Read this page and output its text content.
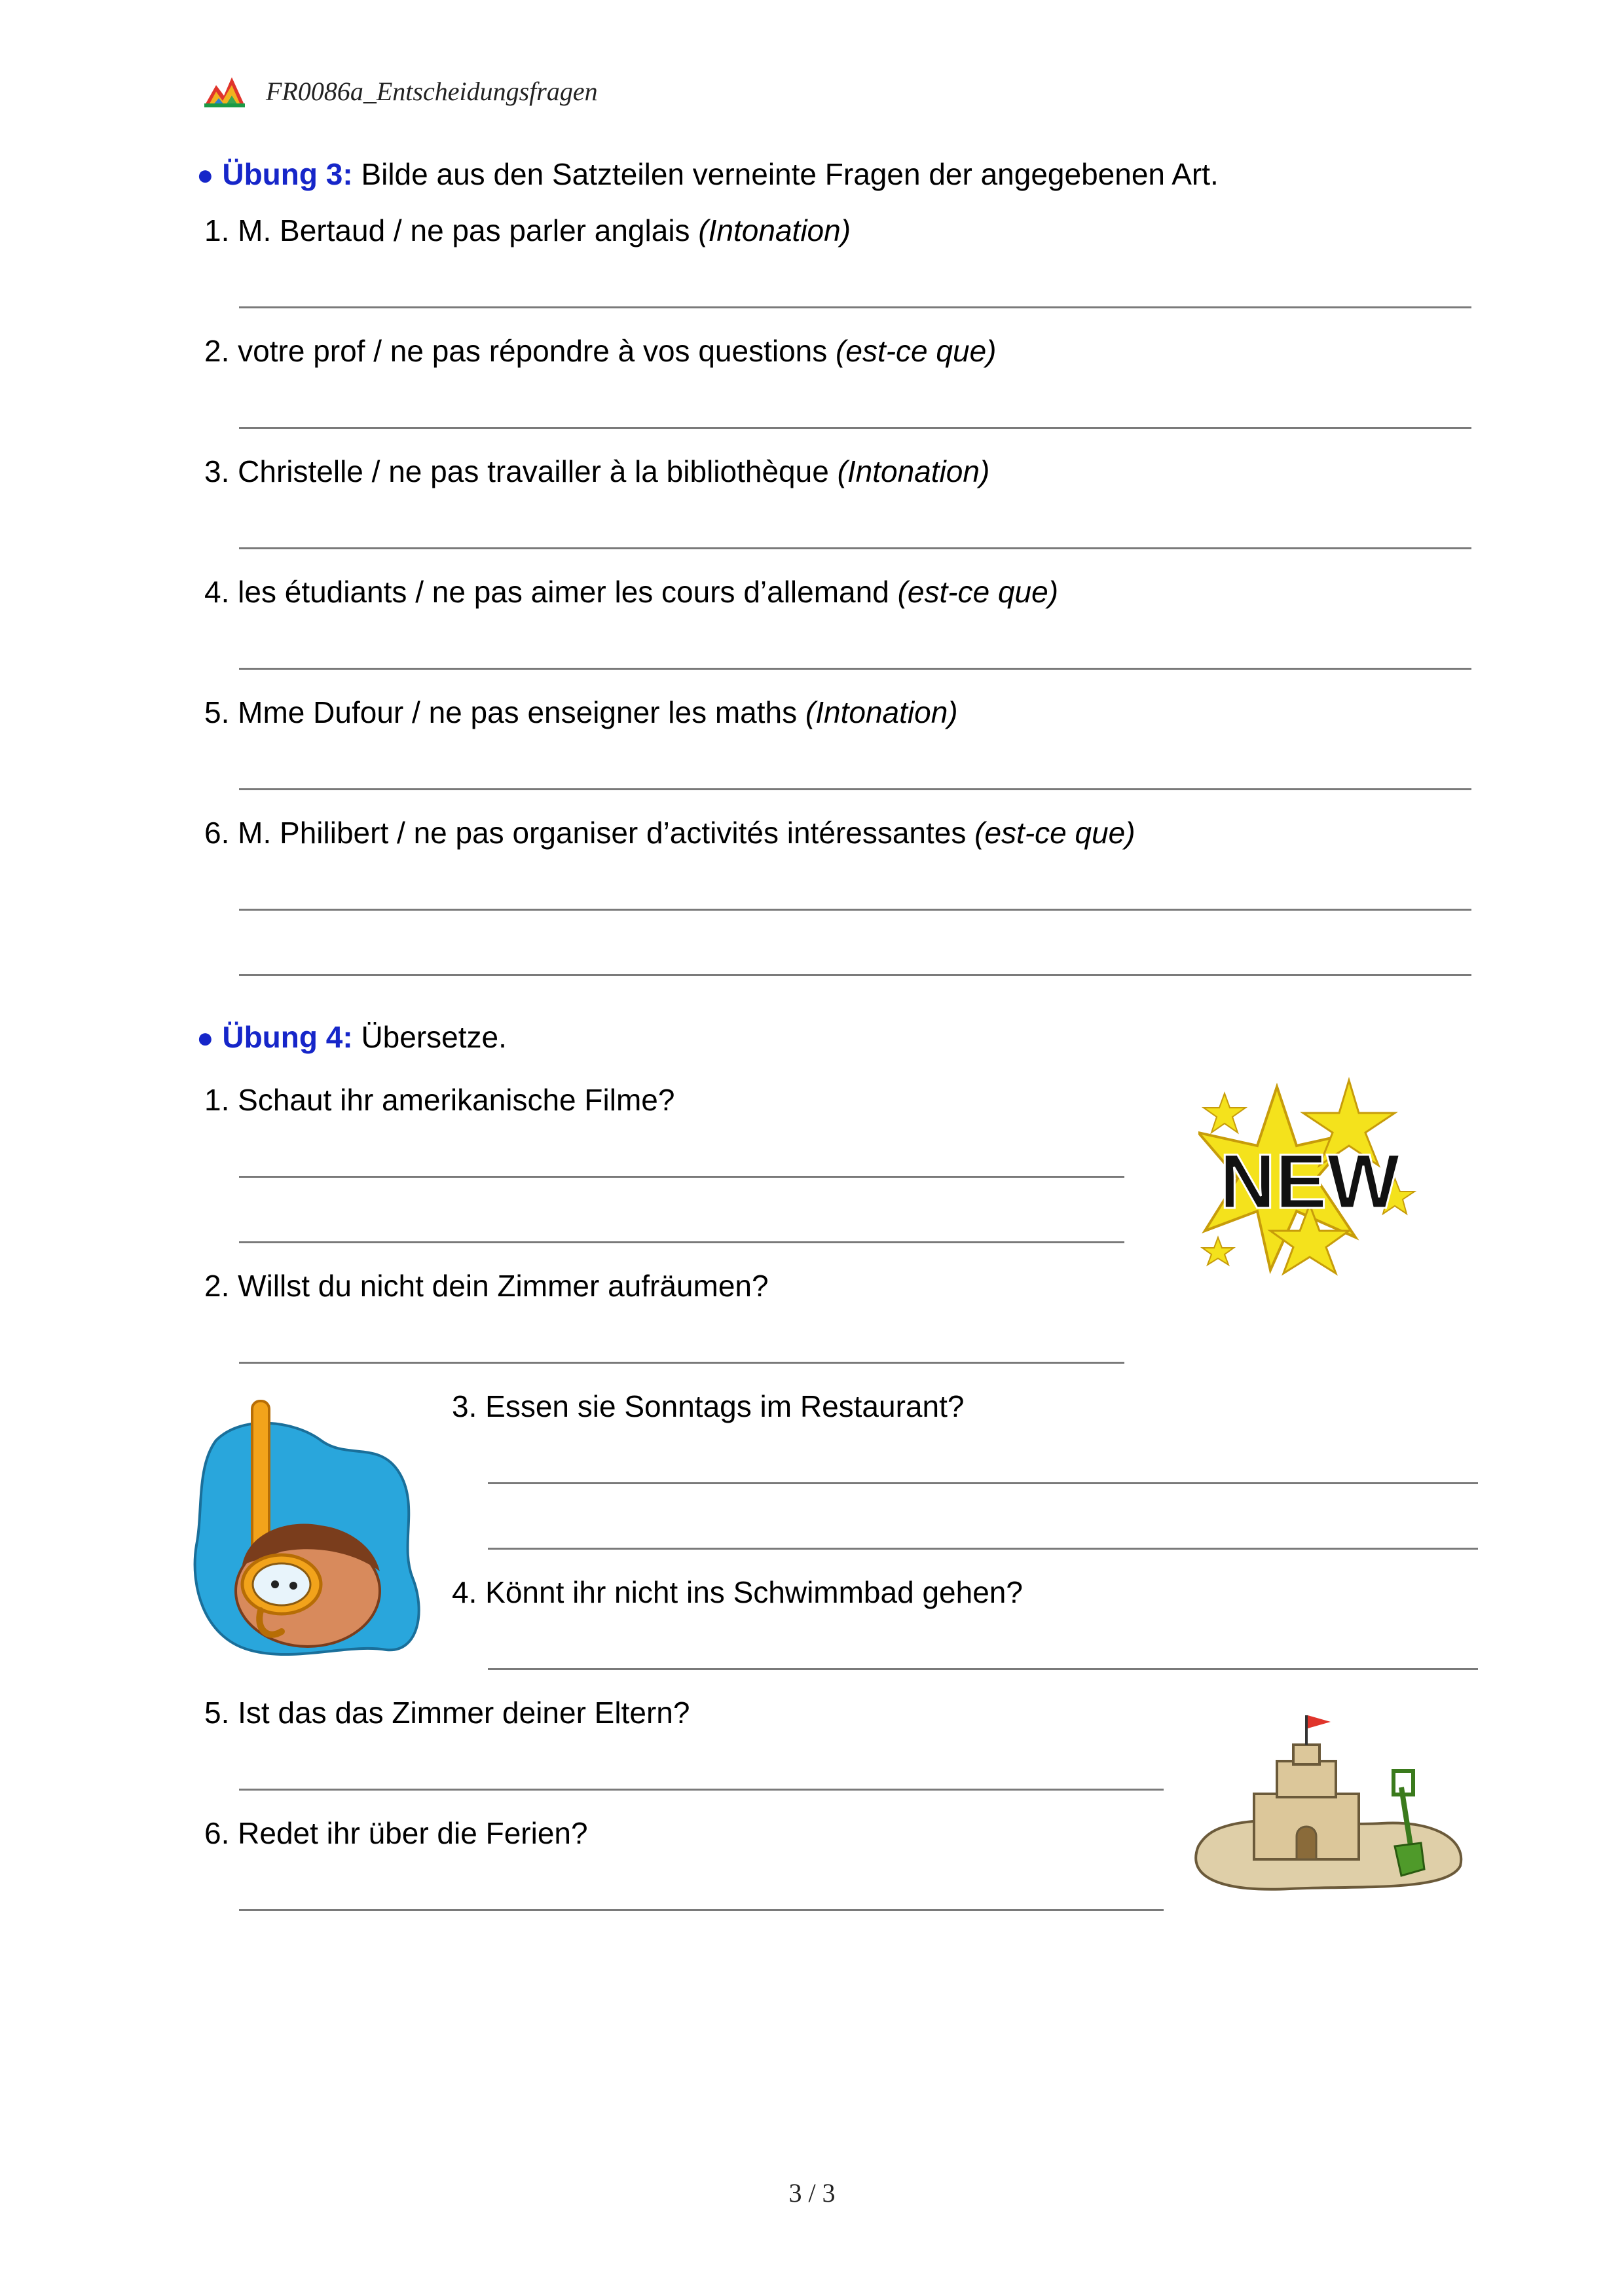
FR0086a_Entscheidungsfragen
● Übung 3: Bilde aus den Satzteilen verneinte Fragen der angegebenen Art.
1. M. Bertaud / ne pas parler anglais (Intonation)
2. votre prof / ne pas répondre à vos questions (est-ce que)
3. Christelle / ne pas travailler à la bibliothèque (Intonation)
4. les étudiants / ne pas aimer les cours d’allemand (est-ce que)
5. Mme Dufour / ne pas enseigner les maths (Intonation)
6. M. Philibert / ne pas organiser d’activités intéressantes (est-ce que)
● Übung 4: Übersetze.
1. Schaut ihr amerikanische Filme?
2. Willst du nicht dein Zimmer aufräumen?
3. Essen sie Sonntags im Restaurant?
4. Könnt ihr nicht ins Schwimmbad gehen?
5. Ist das das Zimmer deiner Eltern?
6. Redet ihr über die Ferien?
NEW
3 / 3
